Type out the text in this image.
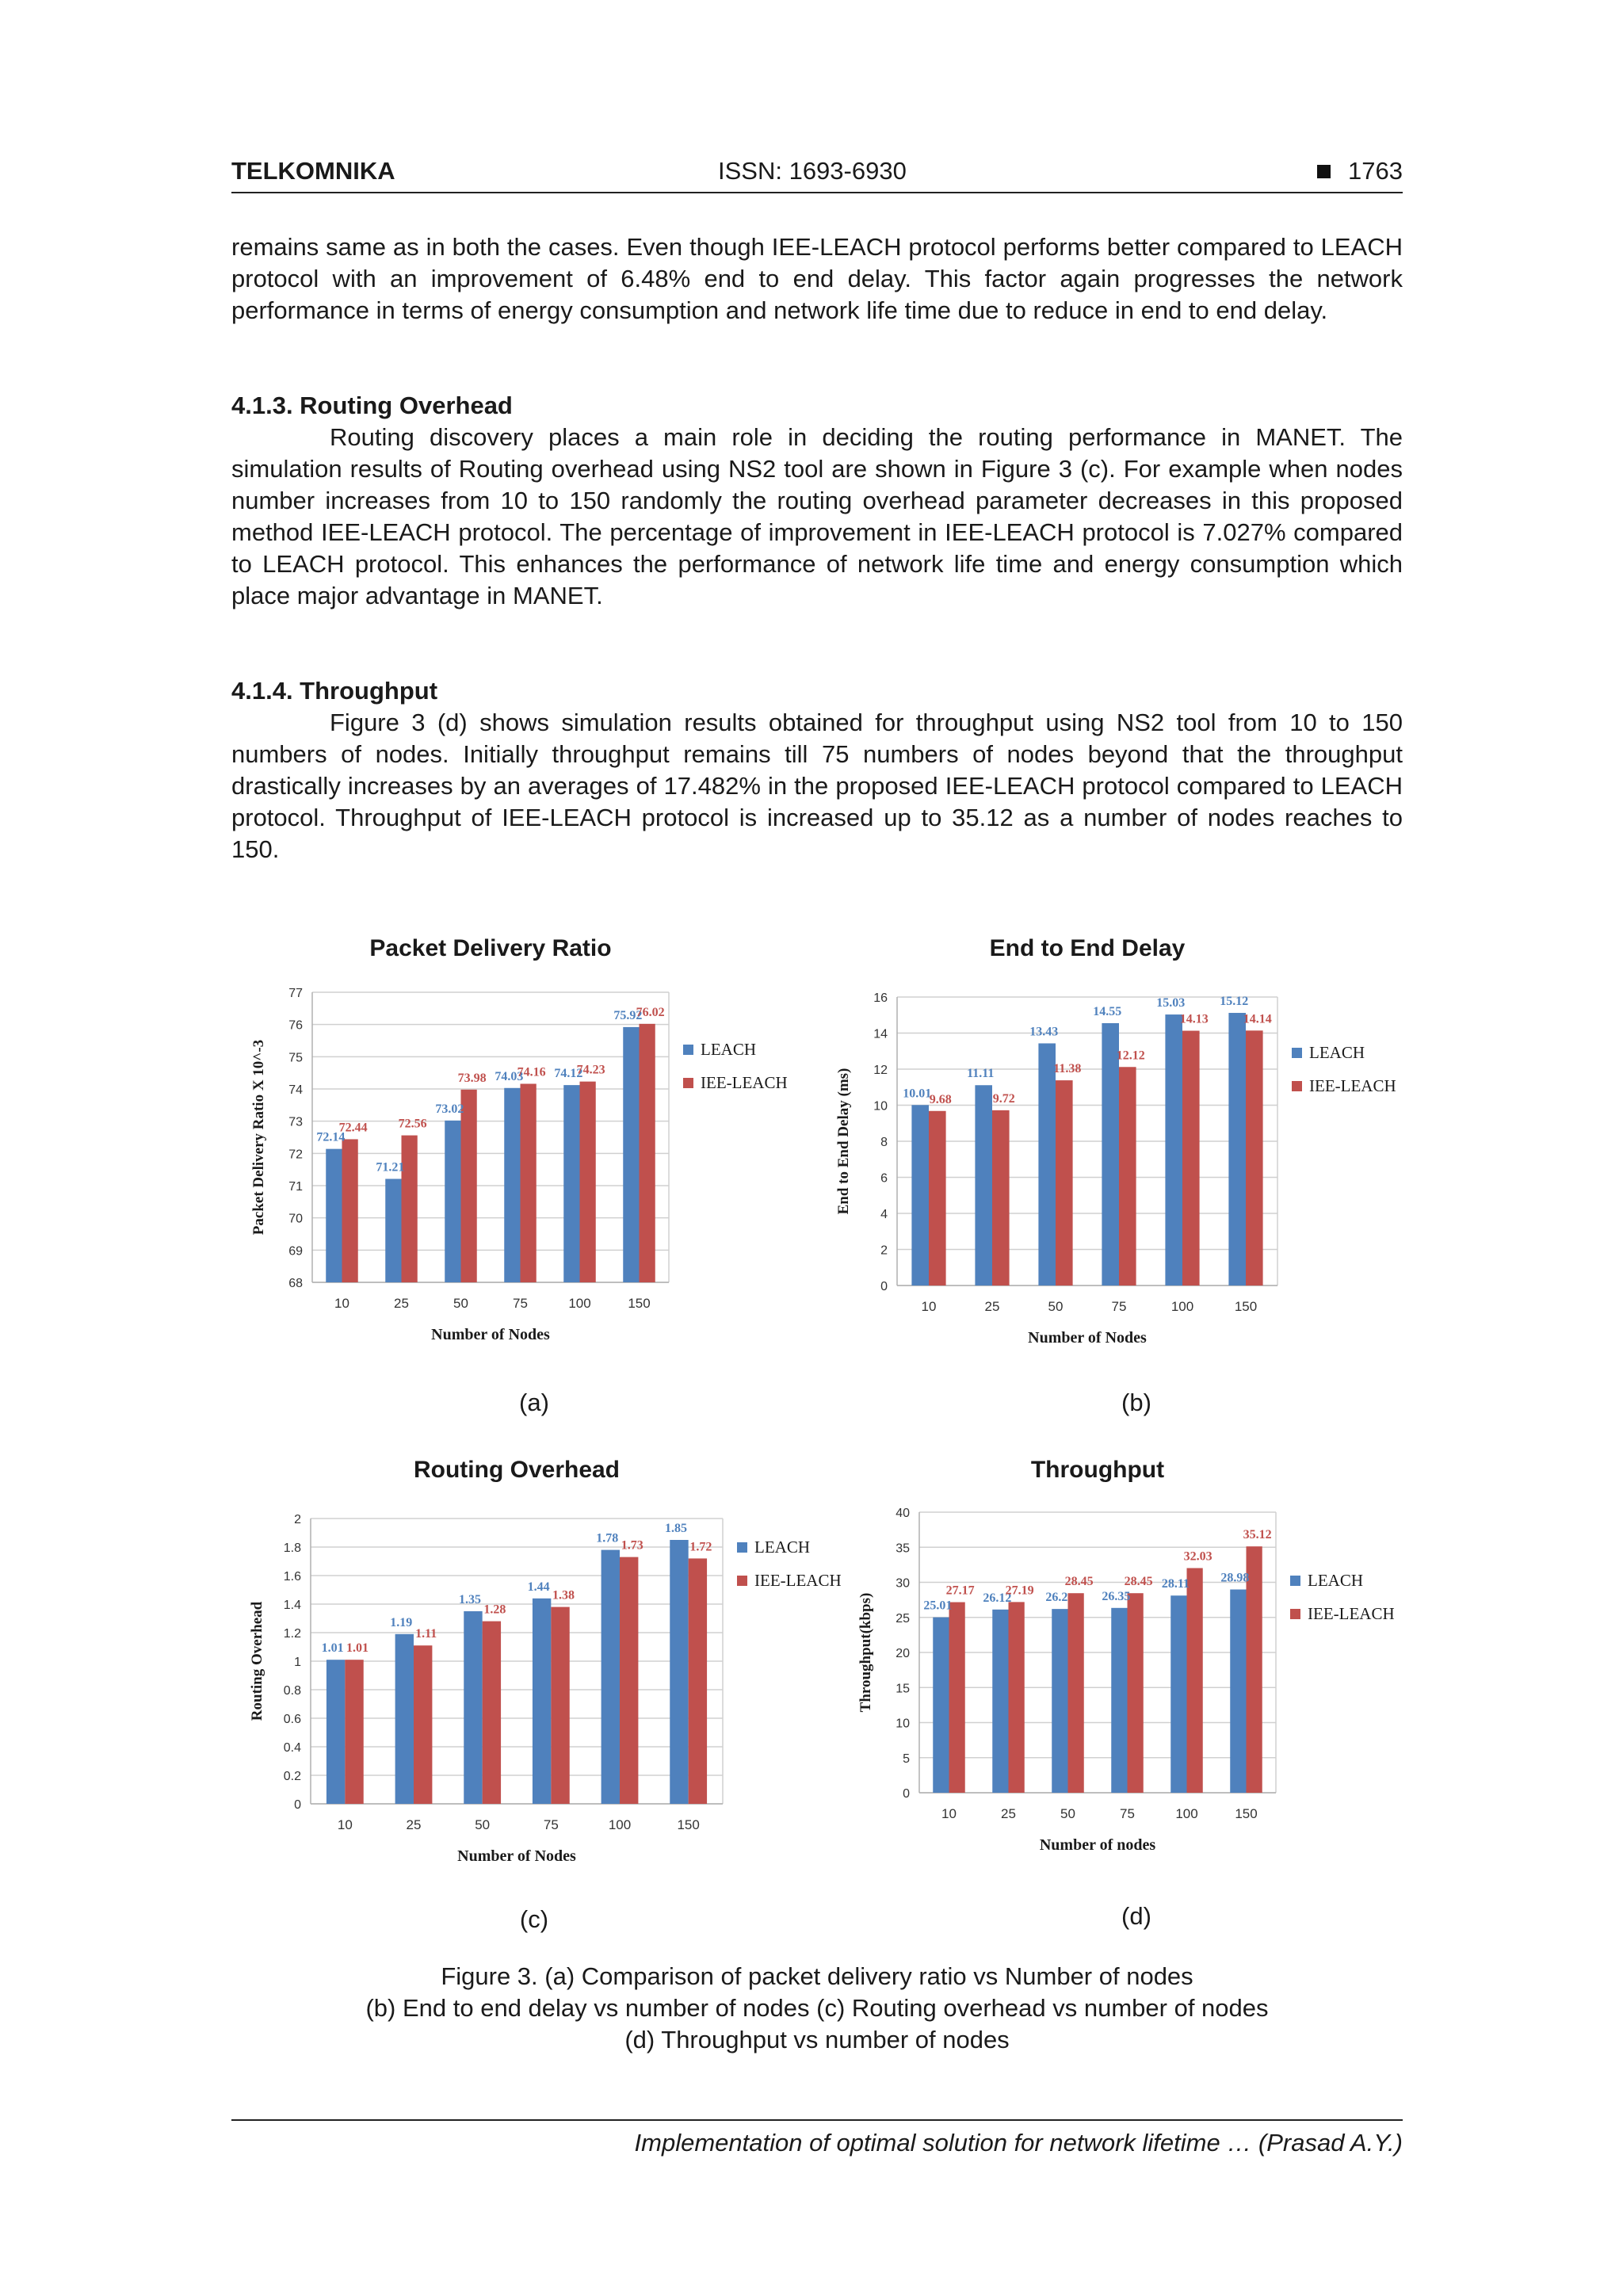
TELKOMNIKA	ISSN: 1693-6930	1763

remains same as in both the cases. Even though IEE-LEACH protocol performs better compared to LEACH protocol with an improvement of 6.48% end to end delay. This factor again progresses the network performance in terms of energy consumption and network life time due to reduce in end to end delay.

4.1.3. Routing Overhead

Routing discovery places a main role in deciding the routing performance in MANET. The simulation results of Routing overhead using NS2 tool are shown in Figure 3 (c). For example when nodes number increases from 10 to 150 randomly the routing overhead parameter decreases in this proposed method IEE-LEACH protocol. The percentage of improvement in IEE-LEACH protocol is 7.027% compared to LEACH protocol. This enhances the performance of network life time and energy consumption which place major advantage in MANET.

4.1.4. Throughput

Figure 3 (d) shows simulation results obtained for throughput using NS2 tool from 10 to 150 numbers of nodes. Initially throughput remains till 75 numbers of nodes beyond that the throughput drastically increases by an averages of 17.482% in the proposed IEE-LEACH protocol compared to LEACH protocol. Throughput of IEE-LEACH protocol is increased up to 35.12 as a number of nodes reaches to 150.

Packet Delivery Ratio
68
69
70
71
72
73
74
75
76
77
72.14
72.44
10
71.21
72.56
25
73.02
73.98
50
74.03
74.16
75
74.12
74.23
100
75.92
76.02
150
Number of Nodes
Packet Delivery Ratio X 10^-3	LEACH
IEE-LEACH
End to End Delay
0
2
4
6
8
10
12
14
16
10.01
9.68
10
11.11
9.72
25
13.43
11.38
50
14.55
12.12
75
15.03
14.13
100
15.12
14.14
150
Number of Nodes
End to End Delay (ms)
LEACH
IEE-LEACH
Routing Overhead
0
0.2
0.4
0.6
0.8
1
1.2
1.4
1.6
1.8
2
1.01 1.01
10
1.19
1.11
25
1.35
1.28
50
1.44
1.38
75
1.78
1.73
100
1.85
1.72
150
Number of Nodes
Routing Overhead
LEACH
IEE-LEACH
Throughput
0
5
10
15
20
25
30
35
40
25.01
27.17
10
26.12
27.19
25
26.2
28.45
50
26.35
28.45
75
28.11
32.03
100
28.98
35.12
150
Number of nodes
Throughput(kbps)
LEACH
IEE-LEACH
(a)	(b)
(c)	(d)
Figure 3. (a) Comparison of packet delivery ratio vs Number of nodes
(b) End to end delay vs number of nodes (c) Routing overhead vs number of nodes
(d) Throughput vs number of nodes
Implementation of optimal solution for network lifetime … (Prasad A.Y.)
